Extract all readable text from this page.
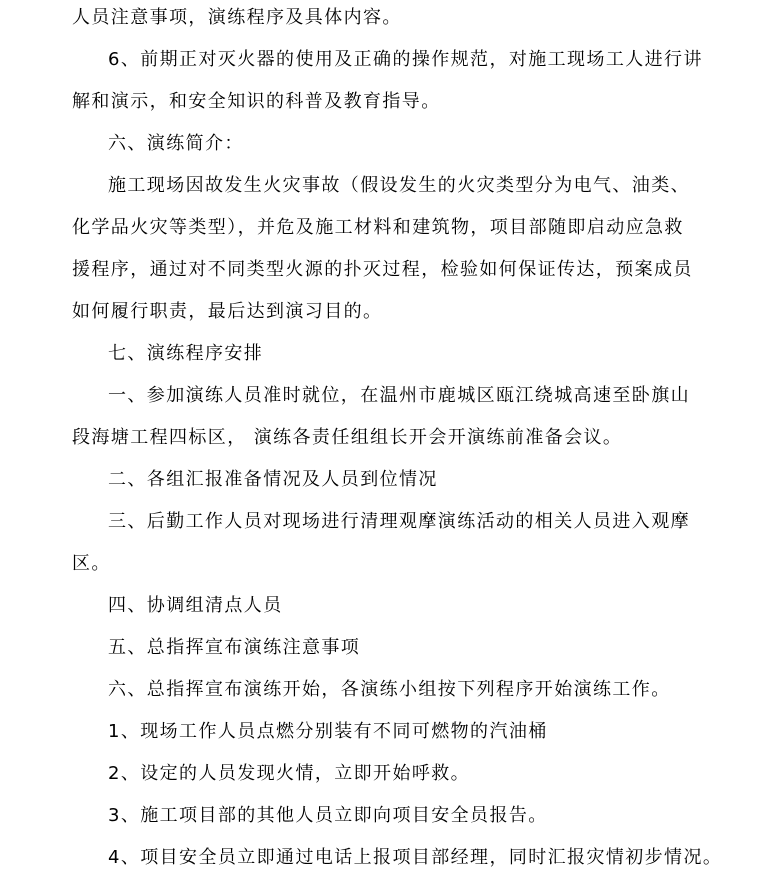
人员注意事项，演练程序及具体内容。
6、前期正对灭火器的使用及正确的操作规范，对施工现场工人进行讲
解和演示，和安全知识的科普及教育指导。
六、演练简介：
施工现场因故发生火灾事故（假设发生的火灾类型分为电气、油类、
化学品火灾等类型），并危及施工材料和建筑物，项目部随即启动应急救
援程序，通过对不同类型火源的扑灭过程，检验如何保证传达，预案成员
如何履行职责，最后达到演习目的。
七、演练程序安排
一、参加演练人员准时就位，在温州市鹿城区瓯江绕城高速至卧旗山
段海塘工程四标区， 演练各责任组组长开会开演练前准备会议。
二、各组汇报准备情况及人员到位情况
三、后勤工作人员对现场进行清理观摩演练活动的相关人员进入观摩
区。
四、协调组清点人员
五、总指挥宣布演练注意事项
六、总指挥宣布演练开始，各演练小组按下列程序开始演练工作。
1、现场工作人员点燃分别装有不同可燃物的汽油桶
2、设定的人员发现火情，立即开始呼救。
3、施工项目部的其他人员立即向项目安全员报告。
4、项目安全员立即通过电话上报项目部经理，同时汇报灾情初步情况。
